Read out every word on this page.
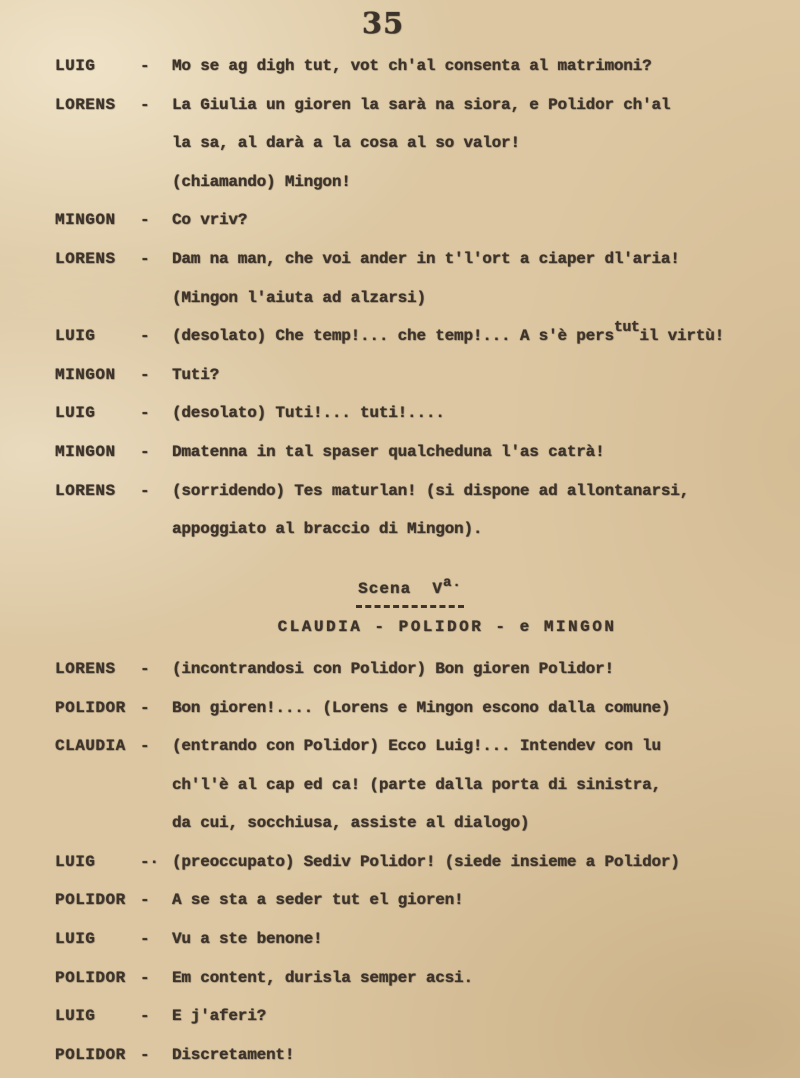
35
LUIG	-	Mo se ag digh tut, vot ch'al consenta al matrimoni?
LORENS	-	La Giulia un gioren la sarà na siora, e Polidor ch'al
la sa, al darà a la cosa al so valor!
(chiamando) Mingon!
MINGON	-	Co vriv?
LORENS	-	Dam na man, che voi ander in t'l'ort a ciaper dl'aria!
(Mingon l'aiuta ad alzarsi)
LUIG	-	(desolato) Che temp!... che temp!... A s'è perstutil virtù!
MINGON	-	Tuti?
LUIG	-	(desolato) Tuti!... tuti!....
MINGON	-	Dmatenna in tal spaser qualcheduna l'as catrà!
LORENS	-	(sorridendo) Tes maturlan! (si dispone ad allontanarsi,
appoggiato al braccio di Mingon).
Scena  Va.
CLAUDIA - POLIDOR - e MINGON
LORENS	-	(incontrandosi con Polidor) Bon gioren Polidor!
POLIDOR -	Bon gioren!.... (Lorens e Mingon escono dalla comune)
CLAUDIA -	(entrando con Polidor) Ecco Luig!... Intendev con lu
ch'l'è al cap ed ca! (parte dalla porta di sinistra,
da cui, socchiusa, assiste al dialogo)
LUIG	-· (preoccupato) Sediv Polidor! (siede insieme a Polidor)
POLIDOR -	A se sta a seder tut el gioren!
LUIG	-	Vu a ste benone!
POLIDOR -	Em content, durisla semper acsi.
LUIG	-	E j'aferi?
POLIDOR -	Discretament!
